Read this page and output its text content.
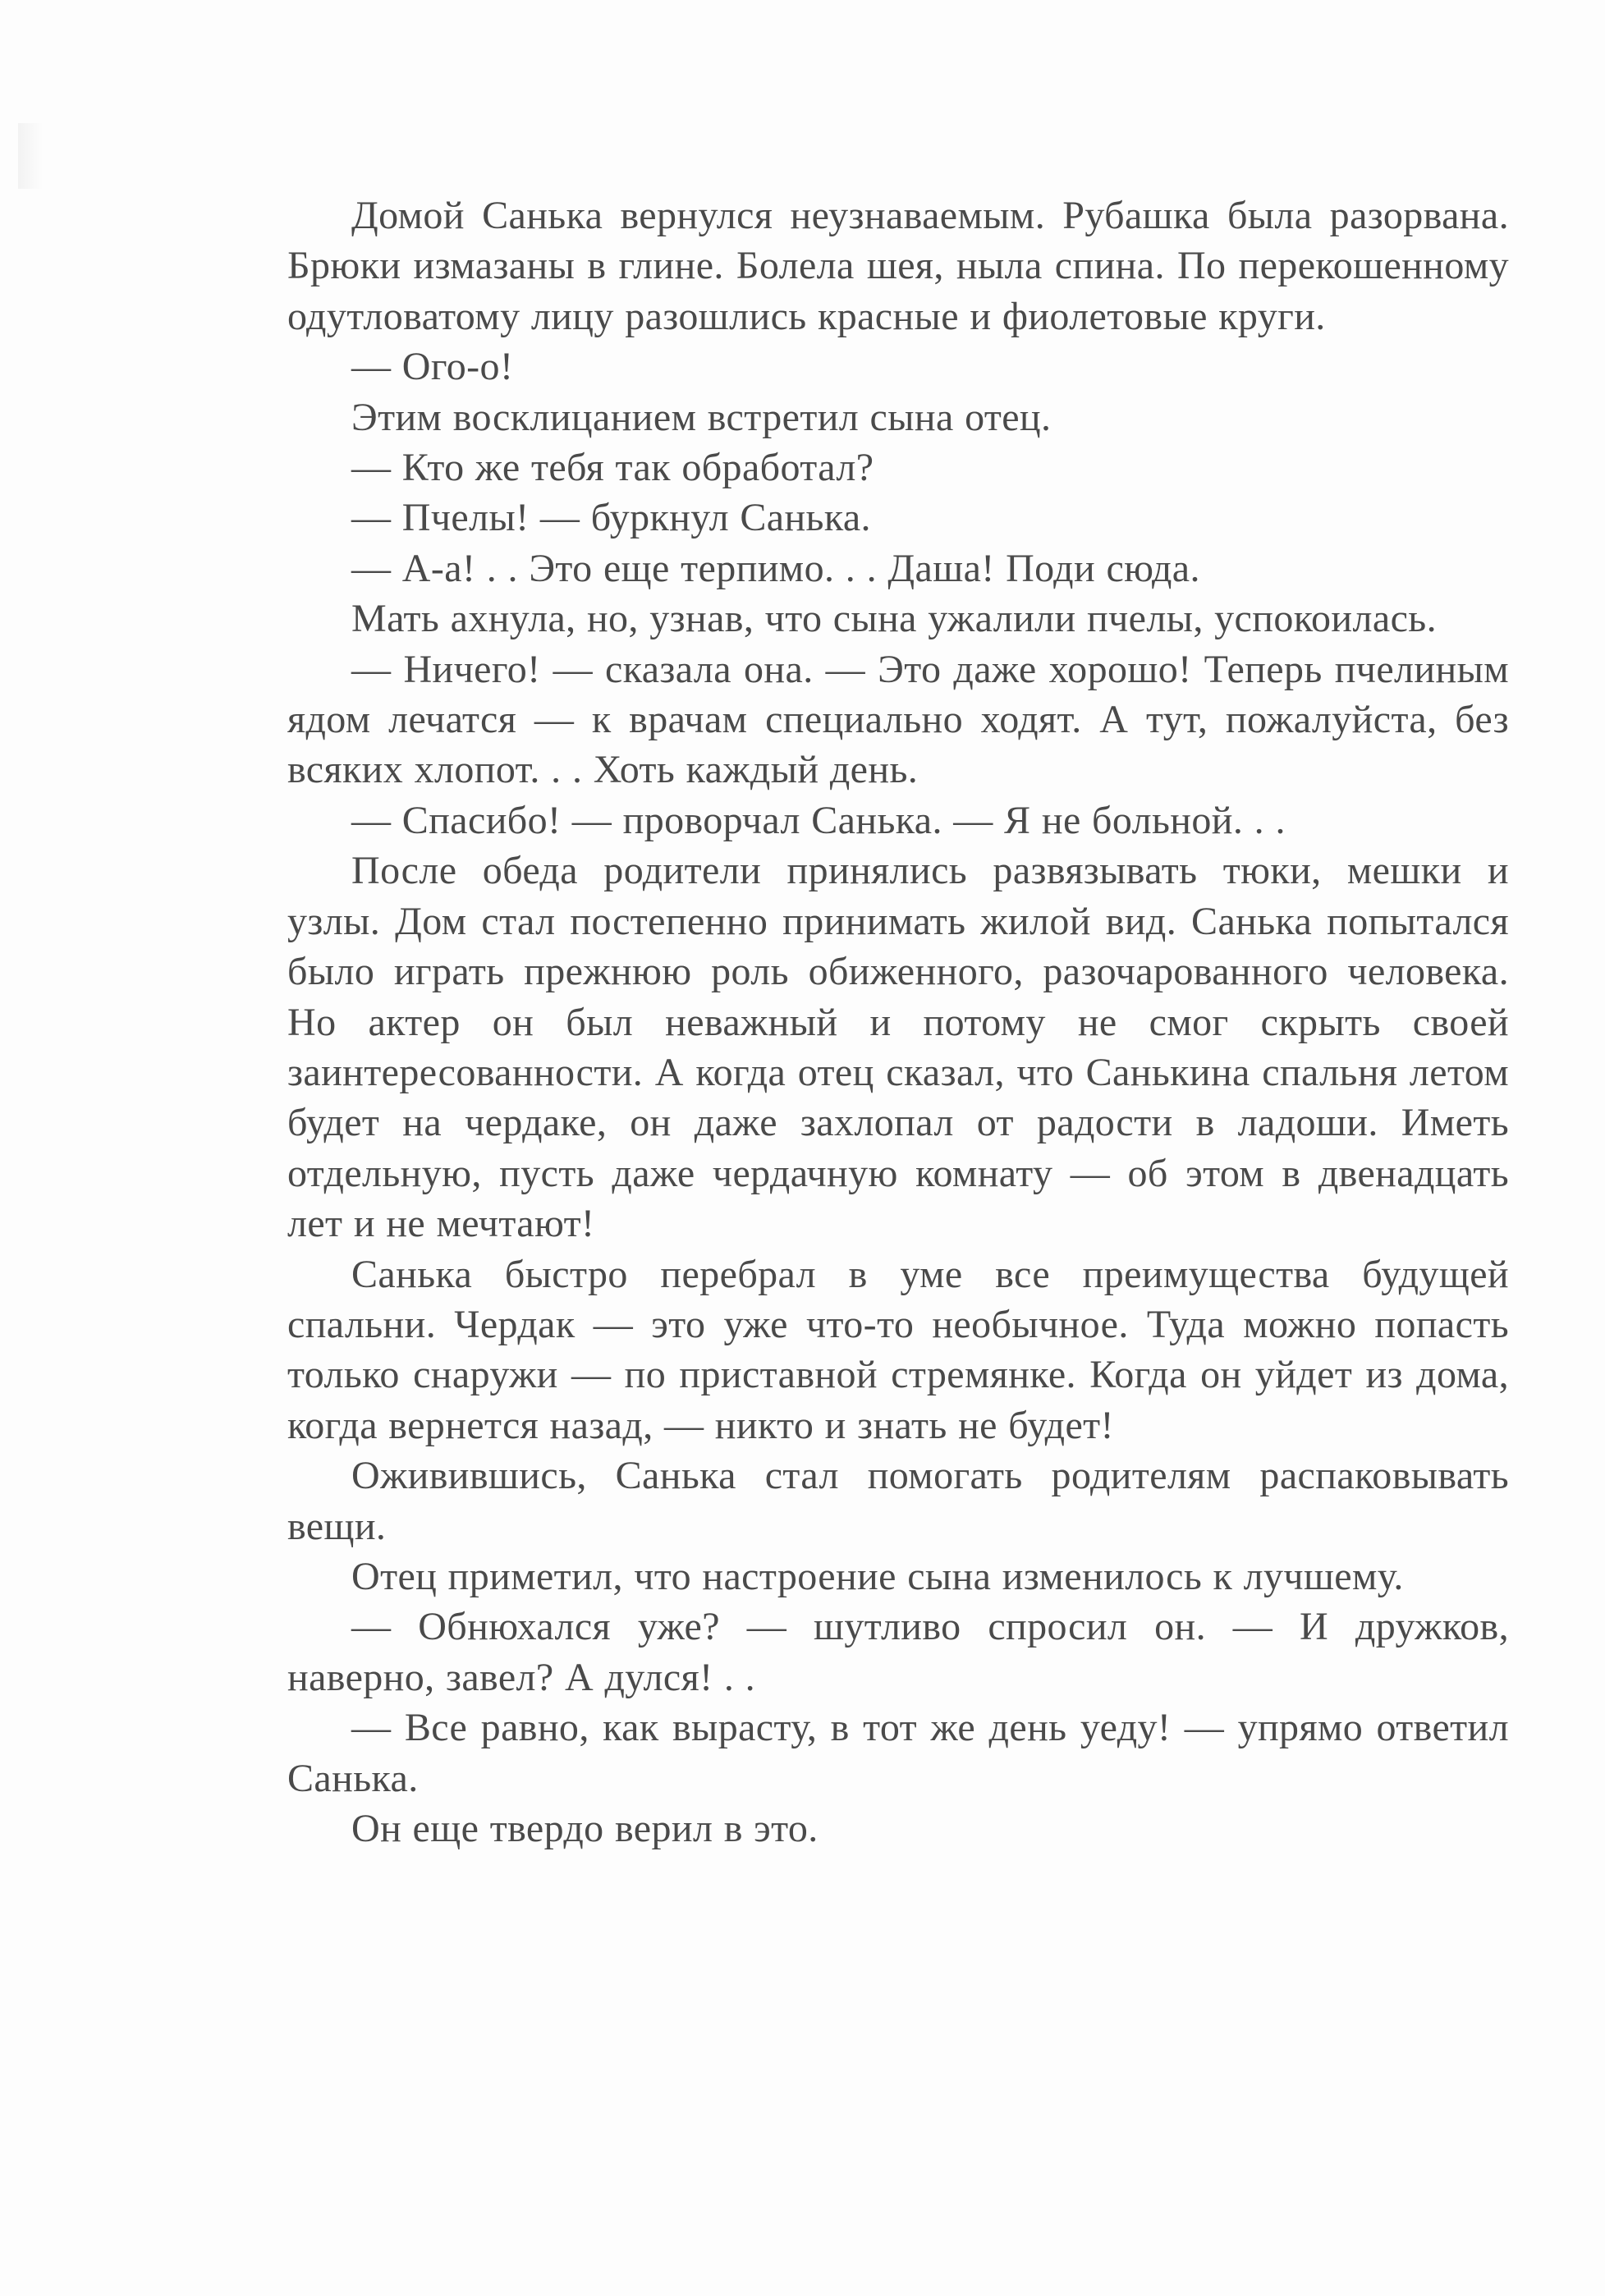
Домой Санька вернулся неузнаваемым. Рубашка была разорвана. Брюки измазаны в глине. Болела шея, ныла спина. По перекошенному одутловатому лицу разошлись красные и фиолетовые круги.

— Ого-о!

Этим восклицанием встретил сына отец.

— Кто же тебя так обработал?

— Пчелы! — буркнул Санька.

— А-а! . . Это еще терпимо. . . Даша! Поди сюда.

Мать ахнула, но, узнав, что сына ужалили пчелы, успокоилась.

— Ничего! — сказала она. — Это даже хорошо! Теперь пчелиным ядом лечатся — к врачам специально ходят. А тут, пожалуйста, без всяких хлопот. . . Хоть каждый день.

— Спасибо! — проворчал Санька. — Я не больной. . .

После обеда родители принялись развязывать тюки, мешки и узлы. Дом стал постепенно принимать жилой вид. Санька попытался было играть прежнюю роль обиженного, разочарованного человека. Но актер он был неважный и потому не смог скрыть своей заинтересованности. А когда отец сказал, что Санькина спальня летом будет на чердаке, он даже захлопал от радости в ладоши. Иметь отдельную, пусть даже чердачную комнату — об этом в двенадцать лет и не мечтают!

Санька быстро перебрал в уме все преимущества будущей спальни. Чердак — это уже что-то необычное. Туда можно попасть только снаружи — по приставной стремянке. Когда он уйдет из дома, когда вернется назад, — никто и знать не будет!

Оживившись, Санька стал помогать родителям распаковывать вещи.

Отец приметил, что настроение сына изменилось к лучшему.

— Обнюхался уже? — шутливо спросил он. — И дружков, наверно, завел? А дулся! . .

— Все равно, как вырасту, в тот же день уеду! — упрямо ответил Санька.

Он еще твердо верил в это.
